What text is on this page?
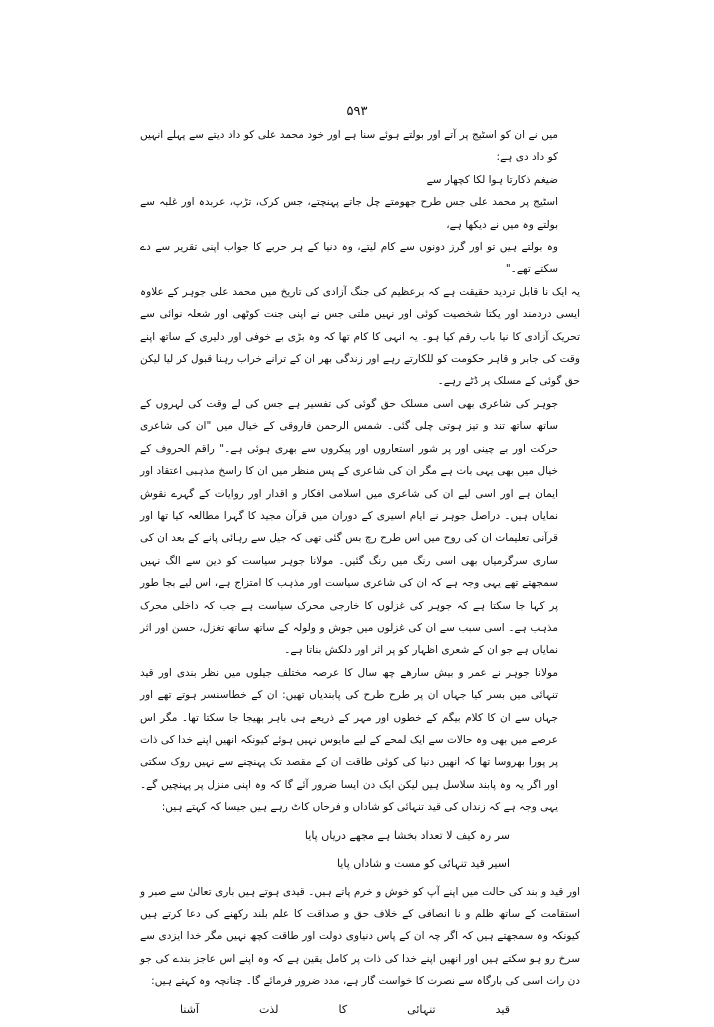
۵۹۳

میں نے ان کو اسٹیج پر آتے اور بولتے ہوئے سنا ہے اور خود محمد علی کو داد دیتے سے پہلے انہیں کو داد دی ہے:

ضیغم ذکارتا ہوا لکا کچھار سے

اسٹیج پر محمد علی جس طرح جھومتے چل جاتے پہنچتے، جس کرک، تڑپ، عربدہ اور غلبہ سے بولتے وہ میں نے دیکھا ہے،

وہ بولتے ہیں تو اور گرز دونوں سے کام لیتے، وہ دنیا کے ہر حربے کا جواب اپنی تقریر سے دے سکتے تھے۔"

یہ ایک نا قابل تردید حقیقت ہے کہ برعظیم کی جنگ آزادی کی تاریخ میں محمد علی جوہر کے علاوہ ایسی دردمند اور یکتا شخصیت کوئی اور نہیں ملتی جس نے اپنی جنت کوٹھی اور شعلہ نوائی سے تحریک آزادی کا نیا باب رقم کیا ہو۔ یہ انہی کا کام تھا کہ وہ بڑی بے خوفی اور دلیری کے ساتھ اپنے وقت کی جابر و قاہر حکومت کو للکارتے رہے اور زندگی بھر ان کے ترانے خراب رہنا قبول کر لیا لیکن حق گوئی کے مسلک پر ڈٹے رہے۔

جوہر کی شاعری بھی اسی مسلک حق گوئی کی تفسیر ہے جس کی لے وقت کی لہروں کے ساتھ ساتھ تند و تیز ہوتی چلی گئی۔ شمس الرحمن فاروقی کے خیال میں "ان کی شاعری حرکت اور بے چینی اور پر شور استعاروں اور پیکروں سے بھری ہوئی ہے۔" راقم الحروف کے خیال میں بھی یہی بات ہے مگر ان کی شاعری کے پس منظر میں ان کا راسخ مذہبی اعتقاد اور ایمان ہے اور اسی لیے ان کی شاعری میں اسلامی افکار و اقدار اور روایات کے گہرے نقوش نمایاں ہیں۔ دراصل جوہر نے ایام اسیری کے دوران میں قرآن مجید کا گہرا مطالعہ کیا تھا اور قرآنی تعلیمات ان کی روح میں اس طرح رچ بس گئی تھی کہ جیل سے رہائی پانے کے بعد ان کی ساری سرگرمیاں بھی اسی رنگ میں رنگ گئیں۔ مولانا جوہر سیاست کو دین سے الگ نہیں سمجھتے تھے یہی وجہ ہے کہ ان کی شاعری سیاست اور مذہب کا امتزاج ہے، اس لیے بجا طور پر کہا جا سکتا ہے کہ جوہر کی غزلوں کا خارجی محرک سیاست ہے جب کہ داخلی محرک مذہب ہے۔ اسی سبب سے ان کی غزلوں میں جوش و ولولہ کے ساتھ ساتھ تغزل، حسن اور اثر نمایاں ہے جو ان کے شعری اظہار کو پر اثر اور دلکش بناتا ہے۔

مولانا جوہر نے عمر و بیش سارھے چھ سال کا عرصہ مختلف جیلوں میں نظر بندی اور قید تنہائی میں بسر کیا جہاں ان پر طرح طرح کی پابندیاں تھیں: ان کے خطاسنسر ہوتے تھے اور جہاں سے ان کا کلام بیگم کے خطوں اور مہر کے ذریعے ہی باہر بھیجا جا سکتا تھا۔ مگر اس عرصے میں بھی وہ حالات سے ایک لمحے کے لیے مایوس نہیں ہوئے کیونکہ انھیں اپنے خدا کی ذات پر پورا بھروسا تھا کہ انھیں دنیا کی کوئی طاقت ان کے مقصد تک پہنچنے سے نہیں روک سکتی اور اگر یہ وہ پابند سلاسل ہیں لیکن ایک دن ایسا ضرور آئے گا کہ وہ اپنی منزل پر پہنچیں گے۔ یہی وجہ ہے کہ زنداں کی قید تنہائی کو شاداں و فرحاں کاٹ رہے ہیں جیسا کہ کہتے ہیں:

سر رہ کیف لا تعداد بخشا ہے مجھے دریاں پایا

اسیر قید تنہائی کو مست و شاداں پایا

اور قید و بند کی حالت میں اپنے آپ کو خوش و خرم پاتے ہیں۔ قیدی ہوتے ہیں باری تعالیٰ سے صبر و استقامت کے ساتھ ظلم و نا انصافی کے خلاف حق و صداقت کا علم بلند رکھنے کی دعا کرتے ہیں کیونکہ وہ سمجھتے ہیں کہ اگر چہ ان کے پاس دنیاوی دولت اور طاقت کچھ نہیں مگر خدا ایزدی سے سرخ رو ہو سکتے ہیں اور انھیں اپنے خدا کی ذات پر کامل یقین ہے کہ وہ اپنے اس عاجز بندے کی جو دن رات اسی کی بارگاہ سے نصرت کا خواست گار ہے، مدد ضرور فرمائے گا۔ چنانچہ وہ کہتے ہیں:

قید
تنہائی
کا
لذت
آشنا
